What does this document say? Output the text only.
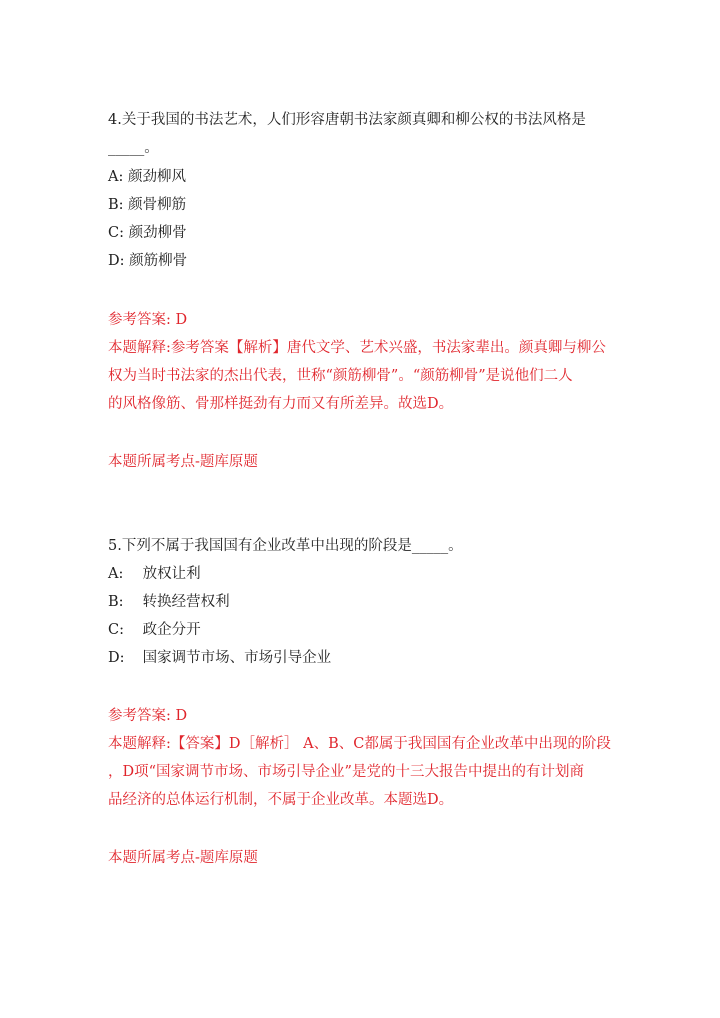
4.关于我国的书法艺术，人们形容唐朝书法家颜真卿和柳公权的书法风格是
_____。
A: 颜劲柳风
B: 颜骨柳筋
C: 颜劲柳骨
D: 颜筋柳骨
参考答案: D
本题解释:参考答案【解析】唐代文学、艺术兴盛，书法家辈出。颜真卿与柳公
权为当时书法家的杰出代表，世称“颜筋柳骨”。“颜筋柳骨”是说他们二人
的风格像筋、骨那样挺劲有力而又有所差异。故选D。
本题所属考点-题库原题
5.下列不属于我国国有企业改革中出现的阶段是_____。
A: 放权让利
B: 转换经营权利
C: 政企分开
D: 国家调节市场、市场引导企业
参考答案: D
本题解释:【答案】D［解析］ A、B、C都属于我国国有企业改革中出现的阶段
，D项“国家调节市场、市场引导企业”是党的十三大报告中提出的有计划商
品经济的总体运行机制，不属于企业改革。本题选D。
本题所属考点-题库原题
